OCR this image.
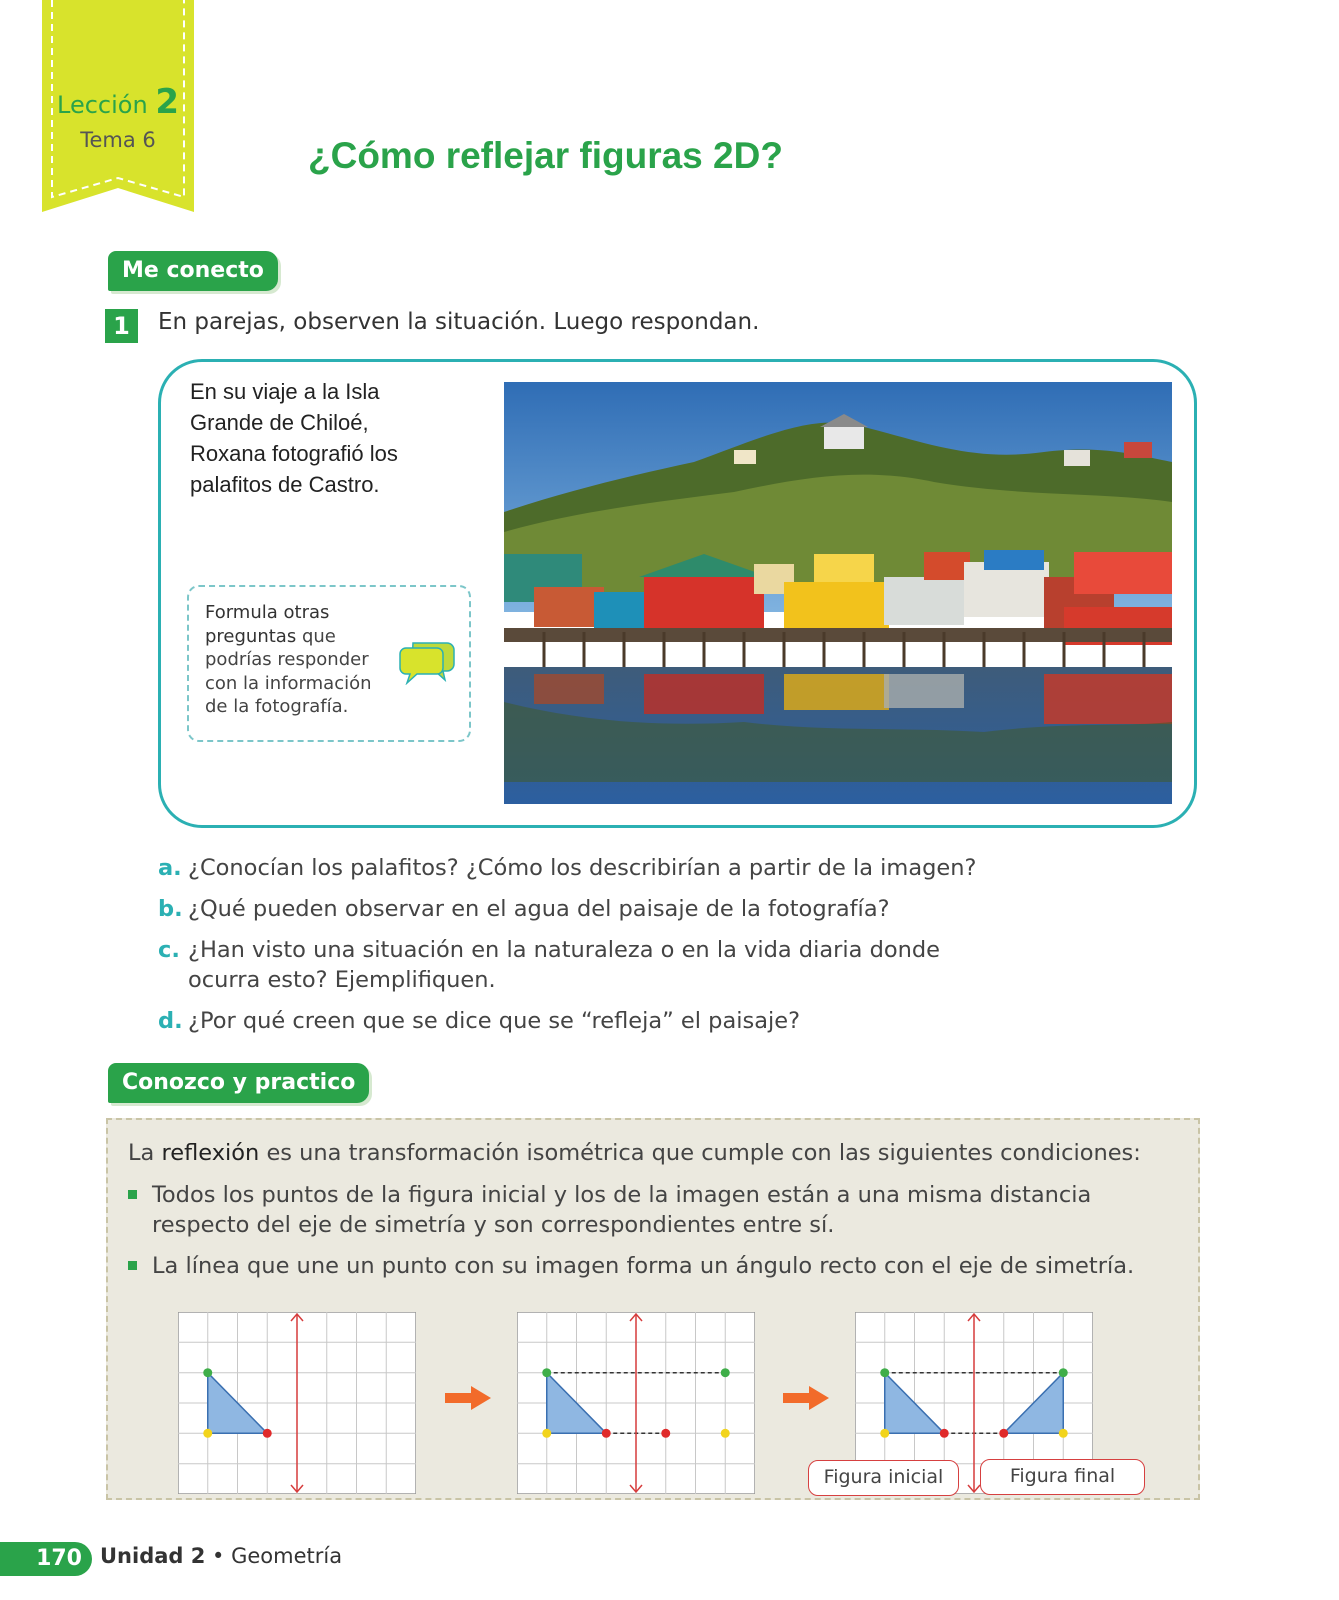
Lección 2
Tema 6	¿Cómo reflejar figuras 2D?
Me conecto
1	En parejas, observen la situación. Luego respondan.
En su viaje a la Isla
Grande de Chiloé,
Roxana fotografió los
palafitos de Castro.
Formula otras
preguntas que
podrías responder
con la información
de la fotografía.
a. ¿Conocían los palafitos? ¿Cómo los describirían a partir de la imagen?
b. ¿Qué pueden observar en el agua del paisaje de la fotografía?
c. ¿Han visto una situación en la naturaleza o en la vida diaria donde
ocurra esto? Ejemplifiquen.
d. ¿Por qué creen que se dice que se “refleja” el paisaje?
Conozco y practico
La reflexión es una transformación isométrica que cumple con las siguientes condiciones:
Todos los puntos de la figura inicial y los de la imagen están a una misma distancia
respecto del eje de simetría y son correspondientes entre sí.
La línea que une un punto con su imagen forma un ángulo recto con el eje de simetría.
Figura inicial	Figura final
170 Unidad 2 • Geometría
